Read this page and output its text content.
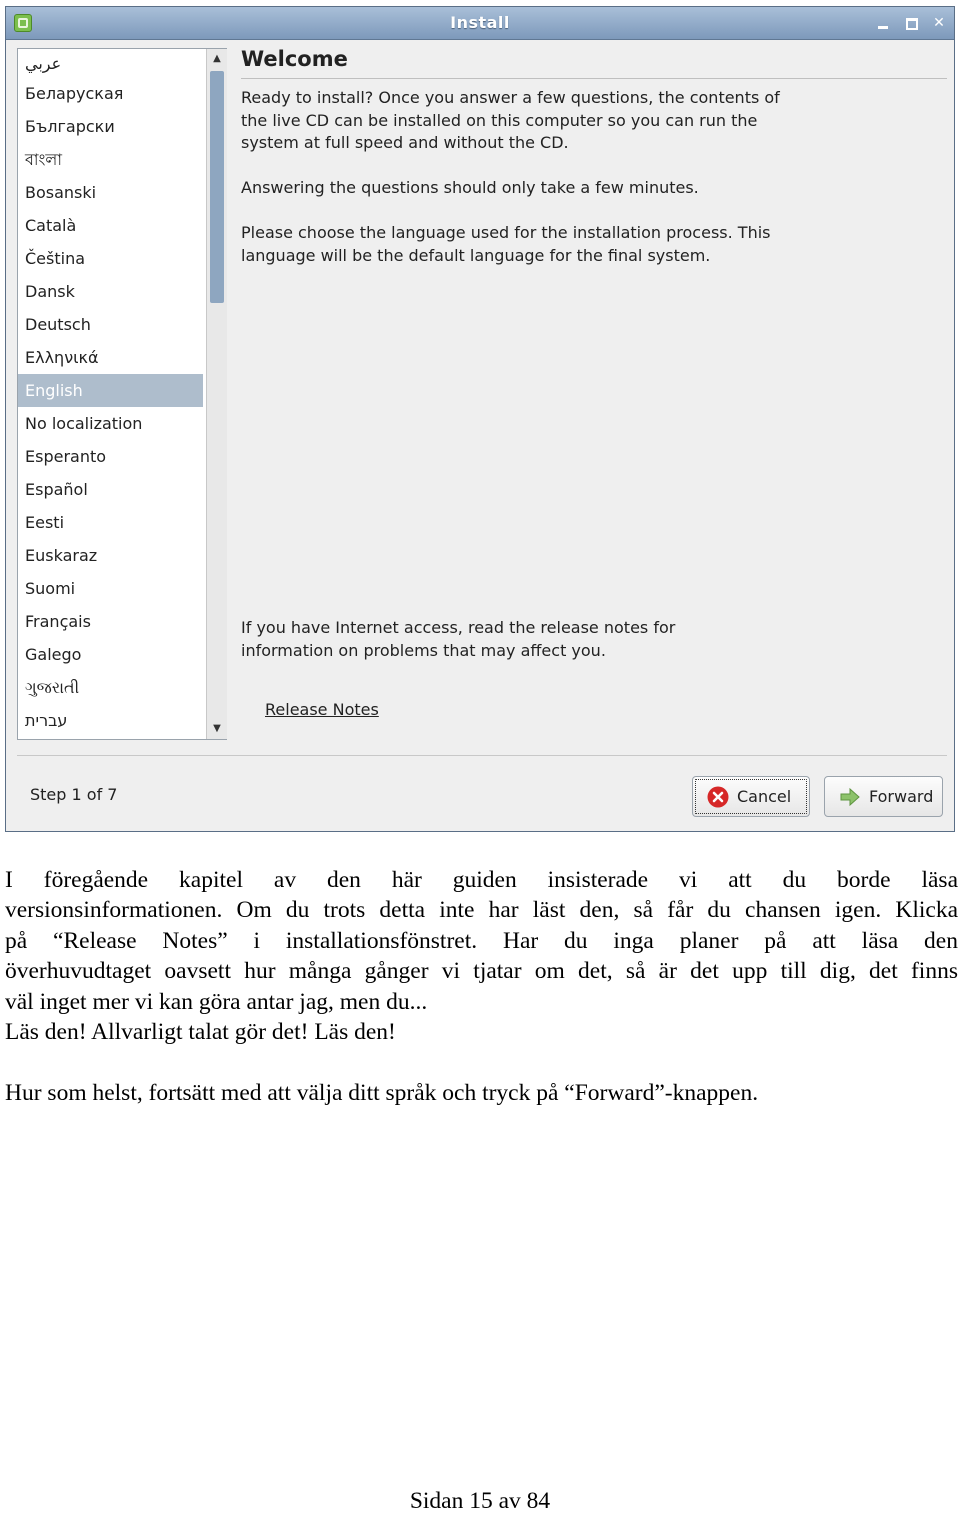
Install	✕
عربي
Беларуская
Български
বাংলা
Bosanski
Català
Čeština
Dansk
Deutsch
Ελληνικά
English
No localization
Esperanto
Español
Eesti
Euskaraz
Suomi
Français
Galego
ગુજરાતી
עברית
▲
▼
Welcome
Ready to install? Once you answer a few questions, the contents of the live CD can be installed on this computer so you can run the system at full speed and without the CD.
Answering the questions should only take a few minutes.
Please choose the language used for the installation process. This language will be the default language for the final system.
If you have Internet access, read the release notes for information on problems that may affect you.
Release Notes
Step 1 of 7	Cancel	Forward
I föregående kapitel av den här guiden insisterade vi att du borde läsa
versionsinformationen. Om du trots detta inte har läst den, så får du chansen igen. Klicka
på “Release Notes” i installationsfönstret. Har du inga planer på att läsa den
överhuvudtaget oavsett hur många gånger vi tjatar om det, så är det upp till dig, det finns
väl inget mer vi kan göra antar jag, men du...
Läs den! Allvarligt talat gör det! Läs den!
Hur som helst, fortsätt med att välja ditt språk och tryck på “Forward”-knappen.
Sidan 15 av 84
